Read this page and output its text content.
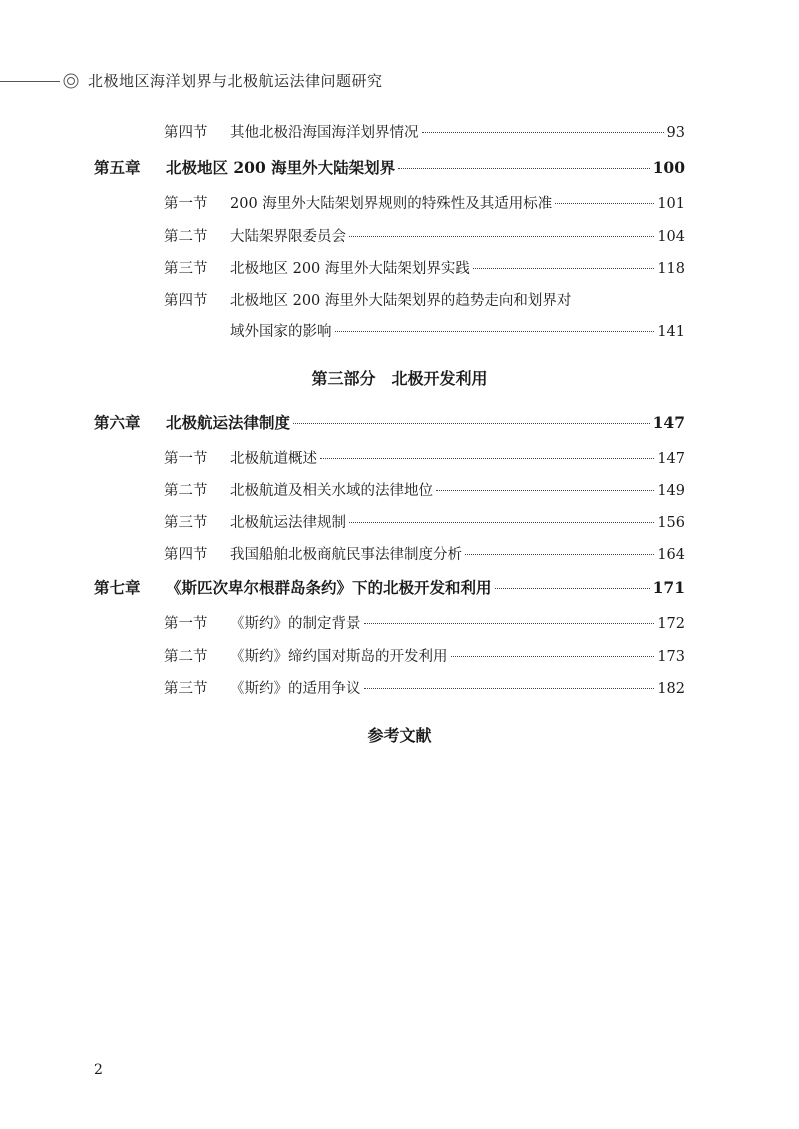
北极地区海洋划界与北极航运法律问题研究
第四节	其他北极沿海国海洋划界情况	93
第五章	北极地区 200 海里外大陆架划界	100
第一节	200 海里外大陆架划界规则的特殊性及其适用标准	101
第二节	大陆架界限委员会	104
第三节	北极地区 200 海里外大陆架划界实践	118
第四节	北极地区 200 海里外大陆架划界的趋势走向和划界对
域外国家的影响	141
第三部分　北极开发利用
第六章	北极航运法律制度	147
第一节	北极航道概述	147
第二节	北极航道及相关水域的法律地位	149
第三节	北极航运法律规制	156
第四节	我国船舶北极商航民事法律制度分析	164
第七章	《斯匹次卑尔根群岛条约》下的北极开发和利用	171
第一节	《斯约》的制定背景	172
第二节	《斯约》缔约国对斯岛的开发利用	173
第三节	《斯约》的适用争议	182
参考文献
2
